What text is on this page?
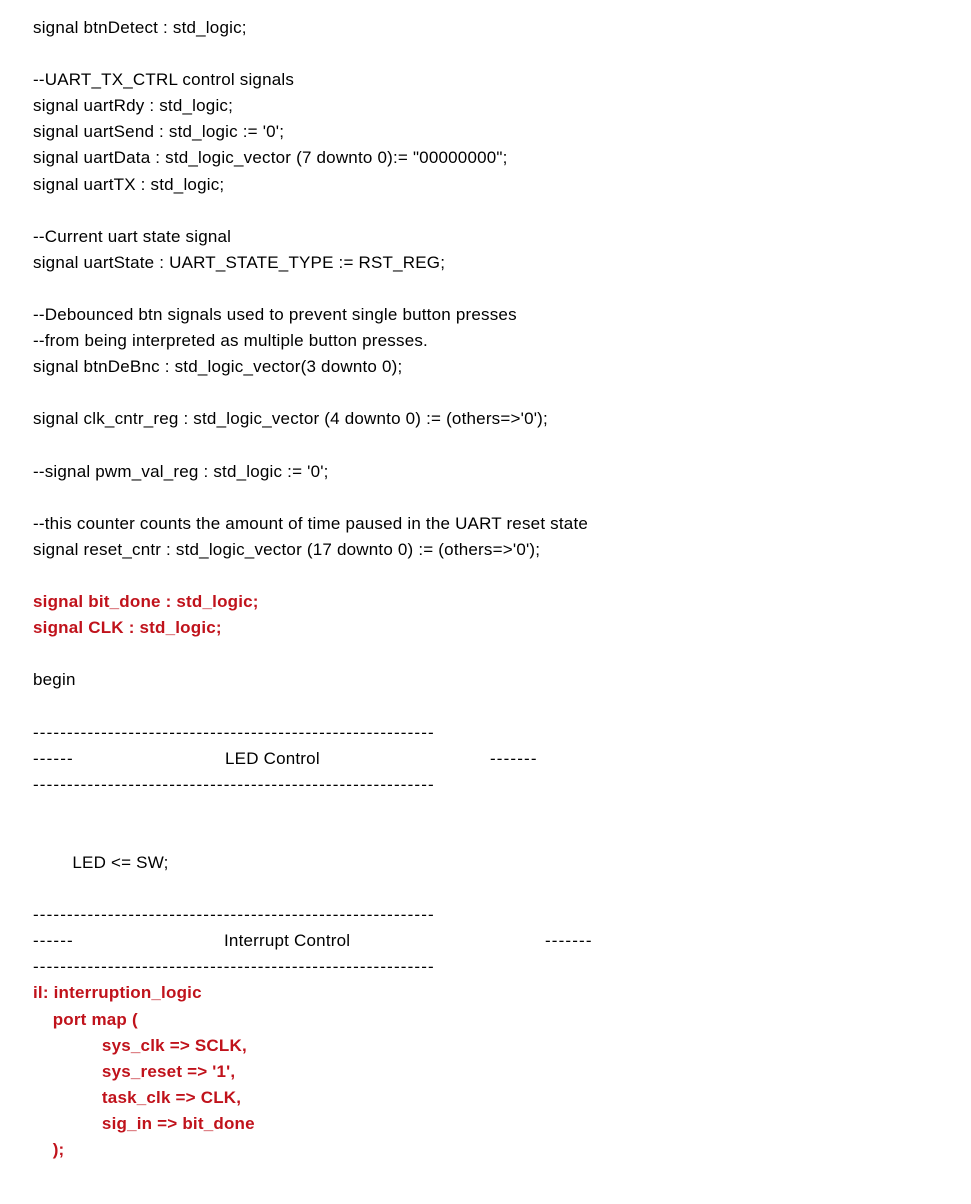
signal btnDetect : std_logic;
--UART_TX_CTRL control signals
signal uartRdy : std_logic;
signal uartSend : std_logic := '0';
signal uartData : std_logic_vector (7 downto 0):= "00000000";
signal uartTX : std_logic;
--Current uart state signal
signal uartState : UART_STATE_TYPE := RST_REG;
--Debounced btn signals used to prevent single button presses
--from being interpreted as multiple button presses.
signal btnDeBnc : std_logic_vector(3 downto 0);
signal clk_cntr_reg : std_logic_vector (4 downto 0) := (others=>'0');
--signal pwm_val_reg : std_logic := '0';
--this counter counts the amount of time paused in the UART reset state
signal reset_cntr : std_logic_vector (17 downto 0) := (others=>'0');
signal bit_done : std_logic;
signal CLK : std_logic;
begin
-----------------------------------------------------------
------	LED Control	-------
-----------------------------------------------------------
LED <= SW;
-----------------------------------------------------------
------	Interrupt Control	-------
-----------------------------------------------------------
il: interruption_logic
port map (
sys_clk => SCLK,
sys_reset => '1',
task_clk => CLK,
sig_in => bit_done
);
